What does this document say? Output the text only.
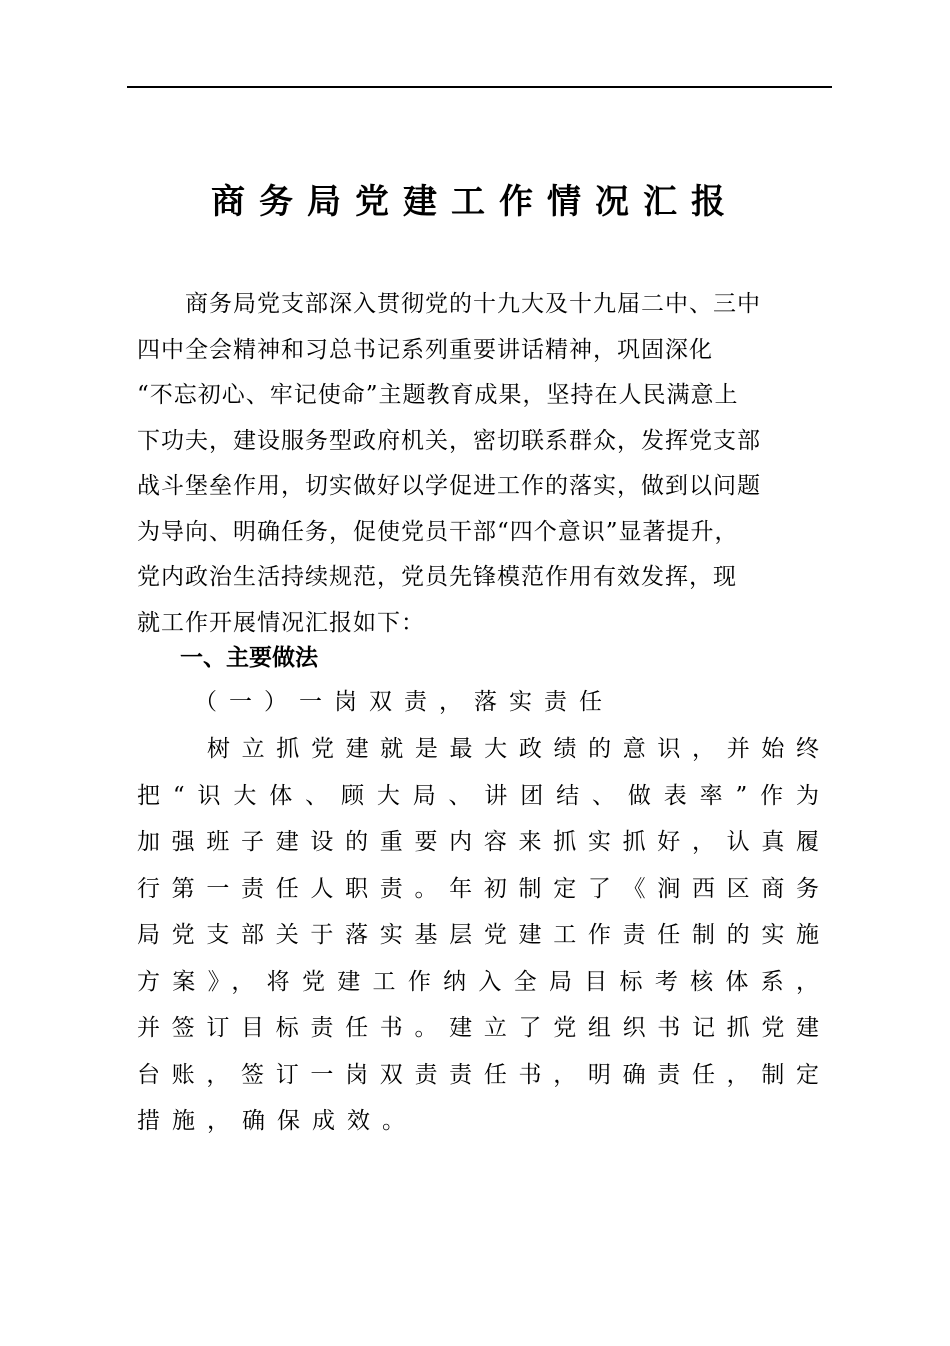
商务局党建工作情况汇报
商务局党支部深入贯彻党的十九大及十九届二中、三中
四中全会精神和习总书记系列重要讲话精神，巩固深化
“不忘初心、牢记使命”主题教育成果，坚持在人民满意上
下功夫，建设服务型政府机关，密切联系群众，发挥党支部
战斗堡垒作用，切实做好以学促进工作的落实，做到以问题
为导向、明确任务，促使党员干部“四个意识”显著提升，
党内政治生活持续规范，党员先锋模范作用有效发挥，现
就工作开展情况汇报如下：
一、主要做法
（一）一岗双责，落实责任
树立抓党建就是最大政绩的意识，并始终
把“识大体、顾大局、讲团结、做表率”作为
加强班子建设的重要内容来抓实抓好，认真履
行第一责任人职责。年初制定了《涧西区商务
局党支部关于落实基层党建工作责任制的实施
方案》，将党建工作纳入全局目标考核体系，
并签订目标责任书。建立了党组织书记抓党建
台账，签订一岗双责责任书，明确责任，制定
措施，确保成效。
